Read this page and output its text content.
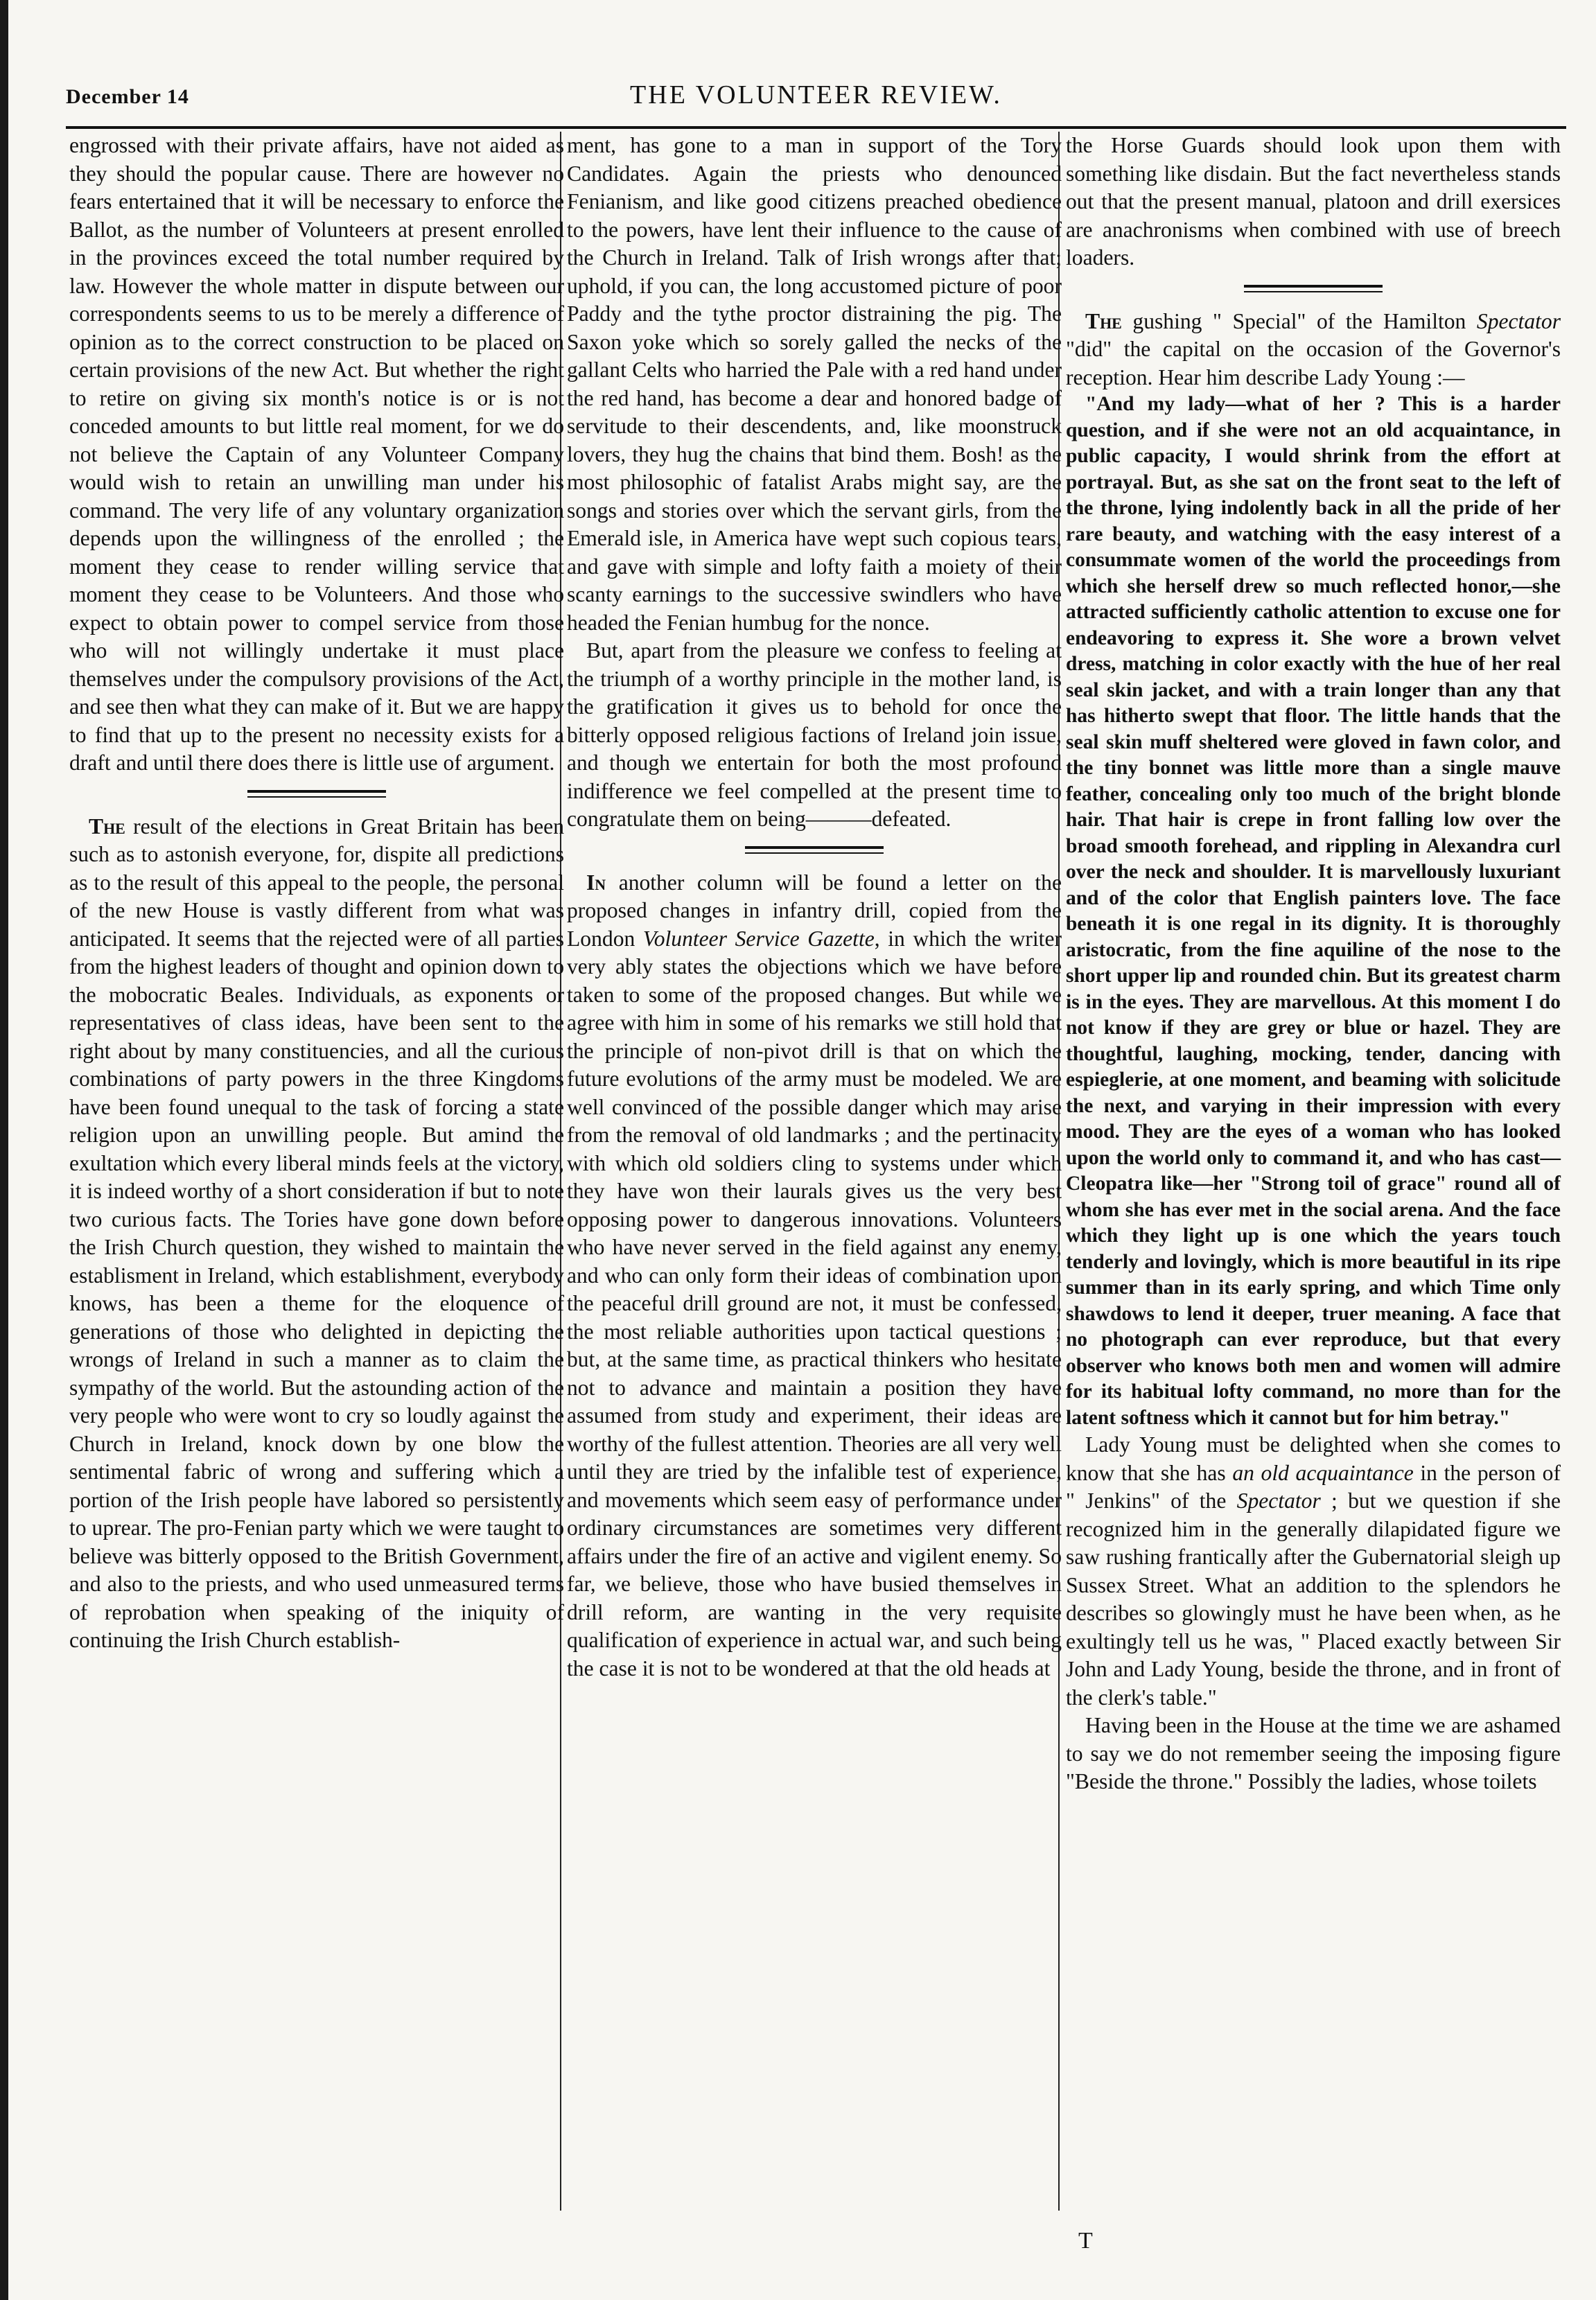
December 14	THE VOLUNTEER REVIEW.

engrossed with their private affairs, have not aided as they should the popular cause. There are however no fears entertained that it will be necessary to enforce the Ballot, as the number of Volunteers at present enrolled in the provinces exceed the total number required by law. However the whole matter in dispute between our correspondents seems to us to be merely a difference of opinion as to the correct construction to be placed on certain provisions of the new Act. But whether the right to retire on giving six month's notice is or is not conceded amounts to but little real moment, for we do not believe the Captain of any Volunteer Company would wish to retain an unwilling man under his command. The very life of any voluntary organization depends upon the willingness of the enrolled ; the moment they cease to render willing service that moment they cease to be Volunteers. And those who expect to obtain power to compel service from those who will not willingly undertake it must place themselves under the compulsory provisions of the Act, and see then what they can make of it. But we are happy to find that up to the present no necessity exists for a draft and until there does there is little use of argument.

The result of the elections in Great Britain has been such as to astonish everyone, for, dispite all predictions as to the result of this appeal to the people, the personal of the new House is vastly different from what was anticipated. It seems that the rejected were of all parties from the highest leaders of thought and opinion down to the mobocratic Beales. Individuals, as exponents or representatives of class ideas, have been sent to the right about by many constituencies, and all the curious combinations of party powers in the three Kingdoms have been found unequal to the task of forcing a state religion upon an unwilling people. But amind the exultation which every liberal minds feels at the victory, it is indeed worthy of a short consideration if but to note two curious facts. The Tories have gone down before the Irish Church question, they wished to maintain the establisment in Ireland, which establishment, everybody knows, has been a theme for the eloquence of generations of those who delighted in depicting the wrongs of Ireland in such a manner as to claim the sympathy of the world. But the astounding action of the very people who were wont to cry so loudly against the Church in Ireland, knock down by one blow the sentimental fabric of wrong and suffering which a portion of the Irish people have labored so persistently to uprear. The pro-Fenian party which we were taught to believe was bitterly opposed to the British Government, and also to the priests, and who used unmeasured terms of reprobation when speaking of the iniquity of continuing the Irish Church establish-

ment, has gone to a man in support of the Tory Candidates. Again the priests who denounced Fenianism, and like good citizens preached obedience to the powers, have lent their influence to the cause of the Church in Ireland. Talk of Irish wrongs after that; uphold, if you can, the long accustomed picture of poor Paddy and the tythe proctor distraining the pig. The Saxon yoke which so sorely galled the necks of the gallant Celts who harried the Pale with a red hand under the red hand, has become a dear and honored badge of servitude to their descendents, and, like moonstruck lovers, they hug the chains that bind them. Bosh! as the most philosophic of fatalist Arabs might say, are the songs and stories over which the servant girls, from the Emerald isle, in America have wept such copious tears, and gave with simple and lofty faith a moiety of their scanty earnings to the successive swindlers who have headed the Fenian humbug for the nonce.

But, apart from the pleasure we confess to feeling at the triumph of a worthy principle in the mother land, is the gratification it gives us to behold for once the bitterly opposed religious factions of Ireland join issue, and though we entertain for both the most profound indifference we feel compelled at the present time to congratulate them on being———defeated.

In another column will be found a letter on the proposed changes in infantry drill, copied from the London Volunteer Service Gazette, in which the writer very ably states the objections which we have before taken to some of the proposed changes. But while we agree with him in some of his remarks we still hold that the principle of non-pivot drill is that on which the future evolutions of the army must be modeled. We are well convinced of the possible danger which may arise from the removal of old landmarks ; and the pertinacity with which old soldiers cling to systems under which they have won their laurals gives us the very best opposing power to dangerous innovations. Volunteers who have never served in the field against any enemy, and who can only form their ideas of combination upon the peaceful drill ground are not, it must be confessed, the most reliable authorities upon tactical questions ; but, at the same time, as practical thinkers who hesitate not to advance and maintain a position they have assumed from study and experiment, their ideas are worthy of the fullest attention. Theories are all very well until they are tried by the infalible test of experience, and movements which seem easy of performance under ordinary circumstances are sometimes very different affairs under the fire of an active and vigilent enemy. So far, we believe, those who have busied themselves in drill reform, are wanting in the very requisite qualification of experience in actual war, and such being the case it is not to be wondered at that the old heads at

the Horse Guards should look upon them with something like disdain. But the fact nevertheless stands out that the present manual, platoon and drill exersices are anachronisms when combined with use of breech loaders.

The gushing " Special" of the Hamilton Spectator "did" the capital on the occasion of the Governor's reception. Hear him describe Lady Young :—

"And my lady—what of her ? This is a harder question, and if she were not an old acquaintance, in public capacity, I would shrink from the effort at portrayal. But, as she sat on the front seat to the left of the throne, lying indolently back in all the pride of her rare beauty, and watching with the easy interest of a consummate women of the world the proceedings from which she herself drew so much reflected honor,—she attracted sufficiently catholic attention to excuse one for endeavoring to express it. She wore a brown velvet dress, matching in color exactly with the hue of her real seal skin jacket, and with a train longer than any that has hitherto swept that floor. The little hands that the seal skin muff sheltered were gloved in fawn color, and the tiny bonnet was little more than a single mauve feather, concealing only too much of the bright blonde hair. That hair is crepe in front falling low over the broad smooth forehead, and rippling in Alexandra curl over the neck and shoulder. It is marvellously luxuriant and of the color that English painters love. The face beneath it is one regal in its dignity. It is thoroughly aristocratic, from the fine aquiline of the nose to the short upper lip and rounded chin. But its greatest charm is in the eyes. They are marvellous. At this moment I do not know if they are grey or blue or hazel. They are thoughtful, laughing, mocking, tender, dancing with espieglerie, at one moment, and beaming with solicitude the next, and varying in their impression with every mood. They are the eyes of a woman who has looked upon the world only to command it, and who has cast—Cleopatra like—her "Strong toil of grace" round all of whom she has ever met in the social arena. And the face which they light up is one which the years touch tenderly and lovingly, which is more beautiful in its ripe summer than in its early spring, and which Time only shawdows to lend it deeper, truer meaning. A face that no photograph can ever reproduce, but that every observer who knows both men and women will admire for its habitual lofty command, no more than for the latent softness which it cannot but for him betray."

Lady Young must be delighted when she comes to know that she has an old acquaintance in the person of " Jenkins" of the Spectator ; but we question if she recognized him in the generally dilapidated figure we saw rushing frantically after the Gubernatorial sleigh up Sussex Street. What an addition to the splendors he describes so glowingly must he have been when, as he exultingly tell us he was, " Placed exactly between Sir John and Lady Young, beside the throne, and in front of the clerk's table."

Having been in the House at the time we are ashamed to say we do not remember seeing the imposing figure "Beside the throne." Possibly the ladies, whose toilets

T
